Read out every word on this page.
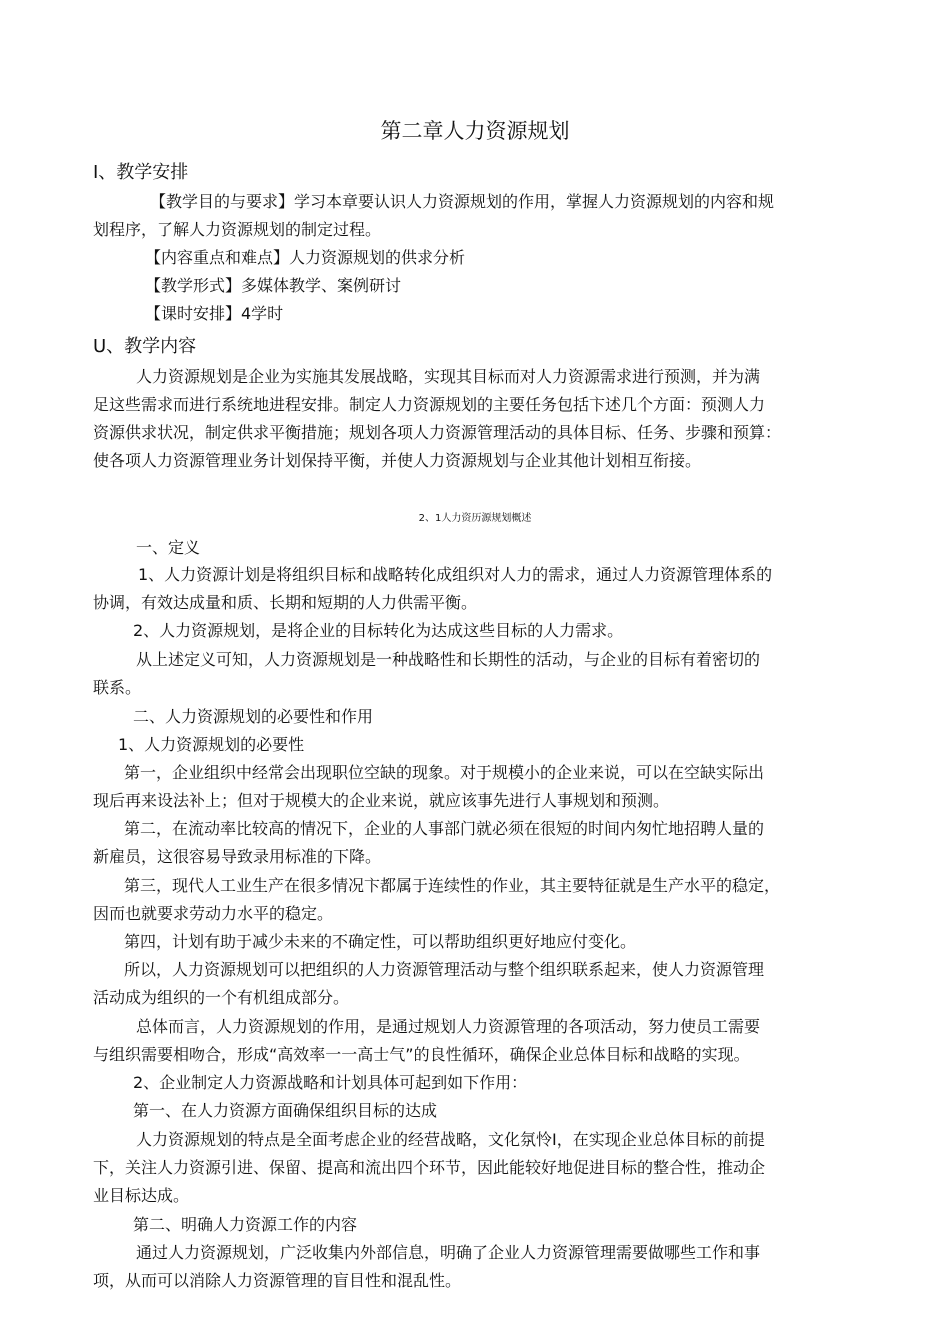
第二章人力资源规划
I、教学安排
【教学目的与要求】学习本章要认识人力资源规划的作用，掌握人力资源规划的内容和规
划程序，了解人力资源规划的制定过程。
【内容重点和难点】人力资源规划的供求分析
【教学形式】多媒体教学、案例研讨
【课时安排】4学时
U、教学内容
人力资源规划是企业为实施其发展战略，实现其目标而对人力资源需求进行预测，并为满
足这些需求而进行系统地进程安排。制定人力资源规划的主要任务包括卞述几个方面：预测人力
资源供求状况，制定供求平衡措施；规划各项人力资源管理活动的具体目标、任务、步骤和预算：
使各项人力资源管理业务计划保持平衡，并使人力资源规划与企业其他计划相互衔接。
2、1人力资历源规划概述
一、定义
1、人力资源计划是将组织目标和战略转化成组织对人力的需求，通过人力资源管理体系的
协调，有效达成量和质、长期和短期的人力供需平衡。
2、人力资源规划，是将企业的目标转化为达成这些目标的人力需求。
从上述定义可知，人力资源规划是一种战略性和长期性的活动，与企业的目标有着密切的
联系。
二、人力资源规划的必要性和作用
1、人力资源规划的必要性
第一，企业组织中经常会出现职位空缺的现象。对于规模小的企业来说，可以在空缺实际出
现后再来设法补上；但对于规模大的企业来说，就应该事先进行人事规划和预测。
第二，在流动率比较高的情况下，企业的人事部门就必须在很短的时间内匆忙地招聘人量的
新雇员，这很容易导致录用标准的下降。
第三，现代人工业生产在很多情况卞都属于连续性的作业，其主要特征就是生产水平的稳定，
因而也就要求劳动力水平的稳定。
第四，计划有助于减少未来的不确定性，可以帮助组织更好地应付变化。
所以，人力资源规划可以把组织的人力资源管理活动与整个组织联系起来，使人力资源管理
活动成为组织的一个有机组成部分。
总体而言，人力资源规划的作用，是通过规划人力资源管理的各项活动，努力使员工需要
与组织需要相吻合，形成“高效率一一高士气”的良性循环，确保企业总体目标和战略的实现。
2、企业制定人力资源战略和计划具体可起到如下作用：
第一、在人力资源方面确保组织目标的达成
人力资源规划的特点是全面考虑企业的经营战略，文化氛怜I，在实现企业总体目标的前提
下，关注人力资源引进、保留、提高和流出四个环节，因此能较好地促进目标的整合性，推动企
业目标达成。
第二、明确人力资源工作的内容
通过人力资源规划，广泛收集内外部信息，明确了企业人力资源管理需要做哪些工作和事
项，从而可以消除人力资源管理的盲目性和混乱性。
